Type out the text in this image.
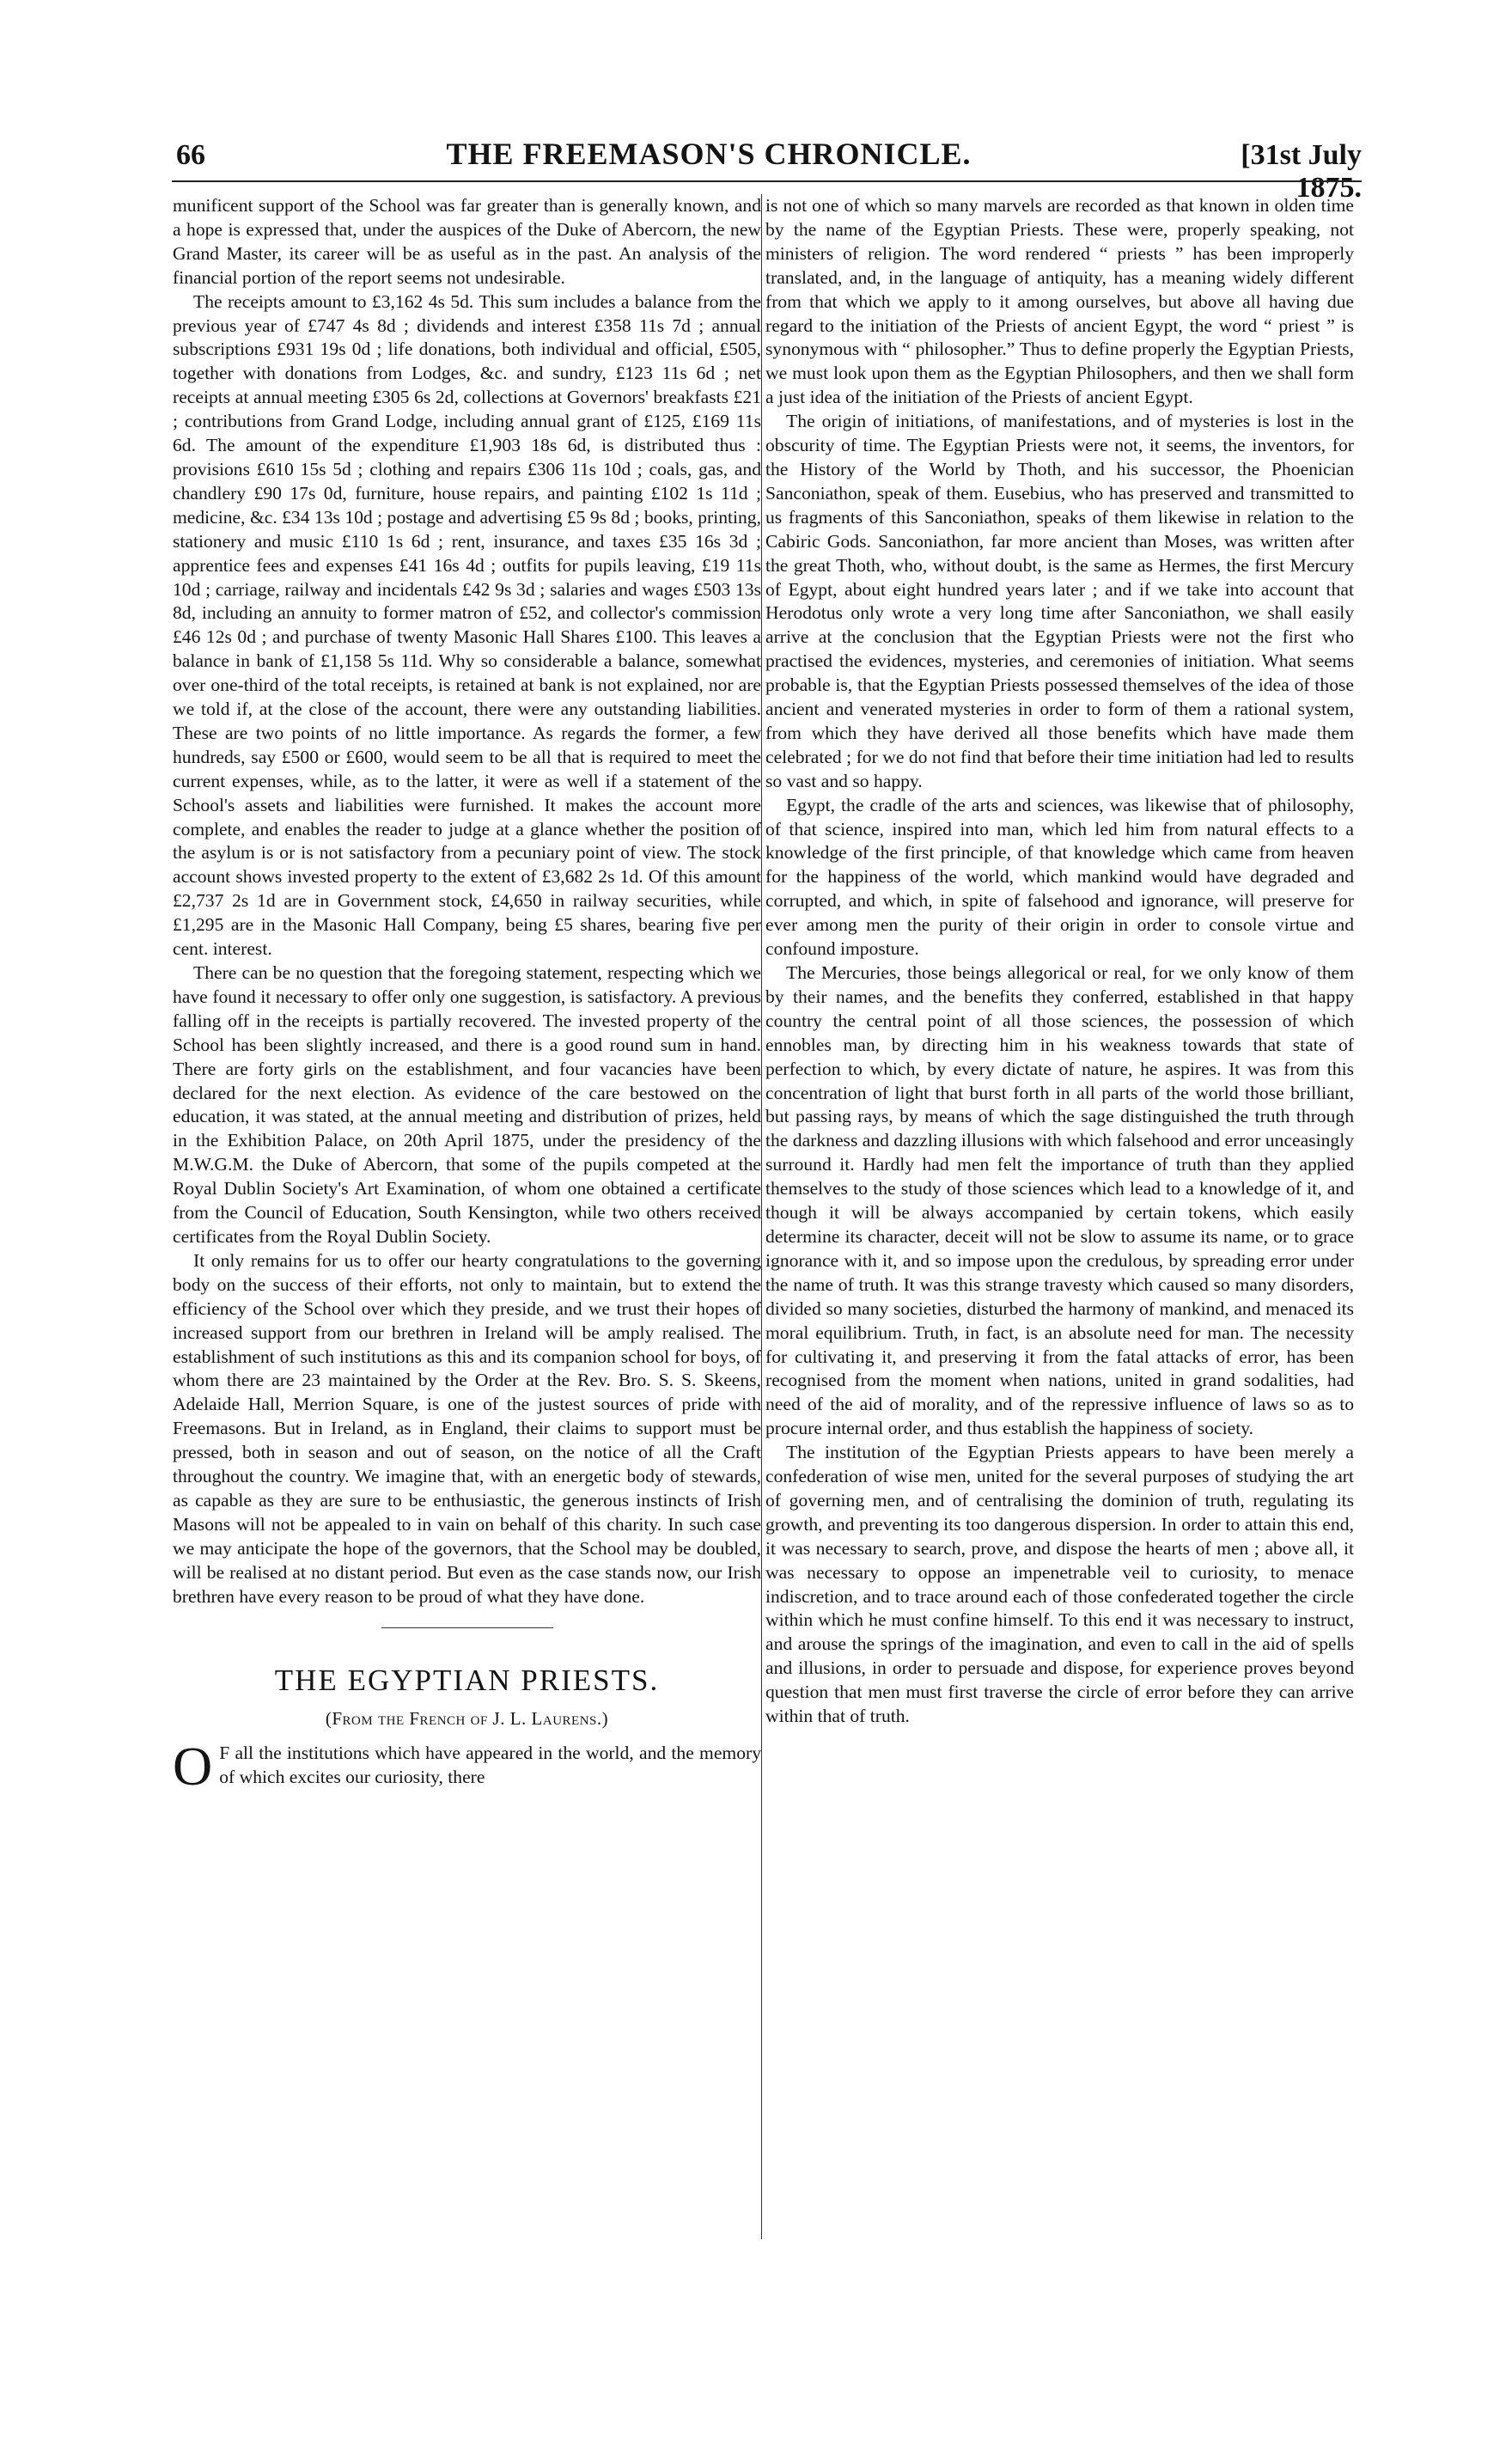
66	THE FREEMASON'S CHRONICLE.	[31st July 1875.

munificent support of the School was far greater than is generally known, and a hope is expressed that, under the auspices of the Duke of Abercorn, the new Grand Master, its career will be as useful as in the past. An analysis of the financial portion of the report seems not undesirable.

The receipts amount to £3,162 4s 5d. This sum includes a balance from the previous year of £747 4s 8d ; dividends and interest £358 11s 7d ; annual subscriptions £931 19s 0d ; life donations, both individual and official, £505, together with donations from Lodges, &c. and sundry, £123 11s 6d ; net receipts at annual meeting £305 6s 2d, collections at Governors' breakfasts £21 ; contributions from Grand Lodge, including annual grant of £125, £169 11s 6d. The amount of the expenditure £1,903 18s 6d, is distributed thus : provisions £610 15s 5d ; clothing and repairs £306 11s 10d ; coals, gas, and chandlery £90 17s 0d, furniture, house repairs, and painting £102 1s 11d ; medicine, &c. £34 13s 10d ; postage and advertising £5 9s 8d ; books, printing, stationery and music £110 1s 6d ; rent, insurance, and taxes £35 16s 3d ; apprentice fees and expenses £41 16s 4d ; outfits for pupils leaving, £19 11s 10d ; carriage, railway and incidentals £42 9s 3d ; salaries and wages £503 13s 8d, including an annuity to former matron of £52, and collector's commission £46 12s 0d ; and purchase of twenty Masonic Hall Shares £100. This leaves a balance in bank of £1,158 5s 11d. Why so considerable a balance, somewhat over one-third of the total receipts, is retained at bank is not explained, nor are we told if, at the close of the account, there were any outstanding liabilities. These are two points of no little importance. As regards the former, a few hundreds, say £500 or £600, would seem to be all that is required to meet the current expenses, while, as to the latter, it were as well if a statement of the School's assets and liabilities were furnished. It makes the account more complete, and enables the reader to judge at a glance whether the position of the asylum is or is not satisfactory from a pecuniary point of view. The stock account shows invested property to the extent of £3,682 2s 1d. Of this amount £2,737 2s 1d are in Government stock, £4,650 in railway securities, while £1,295 are in the Masonic Hall Company, being £5 shares, bearing five per cent. interest.

There can be no question that the foregoing statement, respecting which we have found it necessary to offer only one suggestion, is satisfactory. A previous falling off in the receipts is partially recovered. The invested property of the School has been slightly increased, and there is a good round sum in hand. There are forty girls on the establishment, and four vacancies have been declared for the next election. As evidence of the care bestowed on the education, it was stated, at the annual meeting and distribution of prizes, held in the Exhibition Palace, on 20th April 1875, under the presidency of the M.W.G.M. the Duke of Abercorn, that some of the pupils competed at the Royal Dublin Society's Art Examination, of whom one obtained a certificate from the Council of Education, South Kensington, while two others received certificates from the Royal Dublin Society.

It only remains for us to offer our hearty congratulations to the governing body on the success of their efforts, not only to maintain, but to extend the efficiency of the School over which they preside, and we trust their hopes of increased support from our brethren in Ireland will be amply realised. The establishment of such institutions as this and its companion school for boys, of whom there are 23 maintained by the Order at the Rev. Bro. S. S. Skeens, Adelaide Hall, Merrion Square, is one of the justest sources of pride with Freemasons. But in Ireland, as in England, their claims to support must be pressed, both in season and out of season, on the notice of all the Craft throughout the country. We imagine that, with an energetic body of stewards, as capable as they are sure to be enthusiastic, the generous instincts of Irish Masons will not be appealed to in vain on behalf of this charity. In such case we may anticipate the hope of the governors, that the School may be doubled, will be realised at no distant period. But even as the case stands now, our Irish brethren have every reason to be proud of what they have done.

THE EGYPTIAN PRIESTS.
(From the French of J. L. Laurens.)

O F all the institutions which have appeared in the world, and the memory of which excites our curiosity, there

is not one of which so many marvels are recorded as that known in olden time by the name of the Egyptian Priests. These were, properly speaking, not ministers of religion. The word rendered “ priests ” has been improperly translated, and, in the language of antiquity, has a meaning widely different from that which we apply to it among ourselves, but above all having due regard to the initiation of the Priests of ancient Egypt, the word “ priest ” is synonymous with “ philosopher.” Thus to define properly the Egyptian Priests, we must look upon them as the Egyptian Philosophers, and then we shall form a just idea of the initiation of the Priests of ancient Egypt.

The origin of initiations, of manifestations, and of mysteries is lost in the obscurity of time. The Egyptian Priests were not, it seems, the inventors, for the History of the World by Thoth, and his successor, the Phoenician Sanconiathon, speak of them. Eusebius, who has preserved and transmitted to us fragments of this Sanconiathon, speaks of them likewise in relation to the Cabiric Gods. Sanconiathon, far more ancient than Moses, was written after the great Thoth, who, without doubt, is the same as Hermes, the first Mercury of Egypt, about eight hundred years later ; and if we take into account that Herodotus only wrote a very long time after Sanconiathon, we shall easily arrive at the conclusion that the Egyptian Priests were not the first who practised the evidences, mysteries, and ceremonies of initiation. What seems probable is, that the Egyptian Priests possessed themselves of the idea of those ancient and venerated mysteries in order to form of them a rational system, from which they have derived all those benefits which have made them celebrated ; for we do not find that before their time initiation had led to results so vast and so happy.

Egypt, the cradle of the arts and sciences, was likewise that of philosophy, of that science, inspired into man, which led him from natural effects to a knowledge of the first principle, of that knowledge which came from heaven for the happiness of the world, which mankind would have degraded and corrupted, and which, in spite of falsehood and ignorance, will preserve for ever among men the purity of their origin in order to console virtue and confound imposture.

The Mercuries, those beings allegorical or real, for we only know of them by their names, and the benefits they conferred, established in that happy country the central point of all those sciences, the possession of which ennobles man, by directing him in his weakness towards that state of perfection to which, by every dictate of nature, he aspires. It was from this concentration of light that burst forth in all parts of the world those brilliant, but passing rays, by means of which the sage distinguished the truth through the darkness and dazzling illusions with which falsehood and error unceasingly surround it. Hardly had men felt the importance of truth than they applied themselves to the study of those sciences which lead to a knowledge of it, and though it will be always accompanied by certain tokens, which easily determine its character, deceit will not be slow to assume its name, or to grace ignorance with it, and so impose upon the credulous, by spreading error under the name of truth. It was this strange travesty which caused so many disorders, divided so many societies, disturbed the harmony of mankind, and menaced its moral equilibrium. Truth, in fact, is an absolute need for man. The necessity for cultivating it, and preserving it from the fatal attacks of error, has been recognised from the moment when nations, united in grand sodalities, had need of the aid of morality, and of the repressive influence of laws so as to procure internal order, and thus establish the happiness of society.

The institution of the Egyptian Priests appears to have been merely a confederation of wise men, united for the several purposes of studying the art of governing men, and of centralising the dominion of truth, regulating its growth, and preventing its too dangerous dispersion. In order to attain this end, it was necessary to search, prove, and dispose the hearts of men ; above all, it was necessary to oppose an impenetrable veil to curiosity, to menace indiscretion, and to trace around each of those confederated together the circle within which he must confine himself. To this end it was necessary to instruct, and arouse the springs of the imagination, and even to call in the aid of spells and illusions, in order to persuade and dispose, for experience proves beyond question that men must first traverse the circle of error before they can arrive within that of truth.
